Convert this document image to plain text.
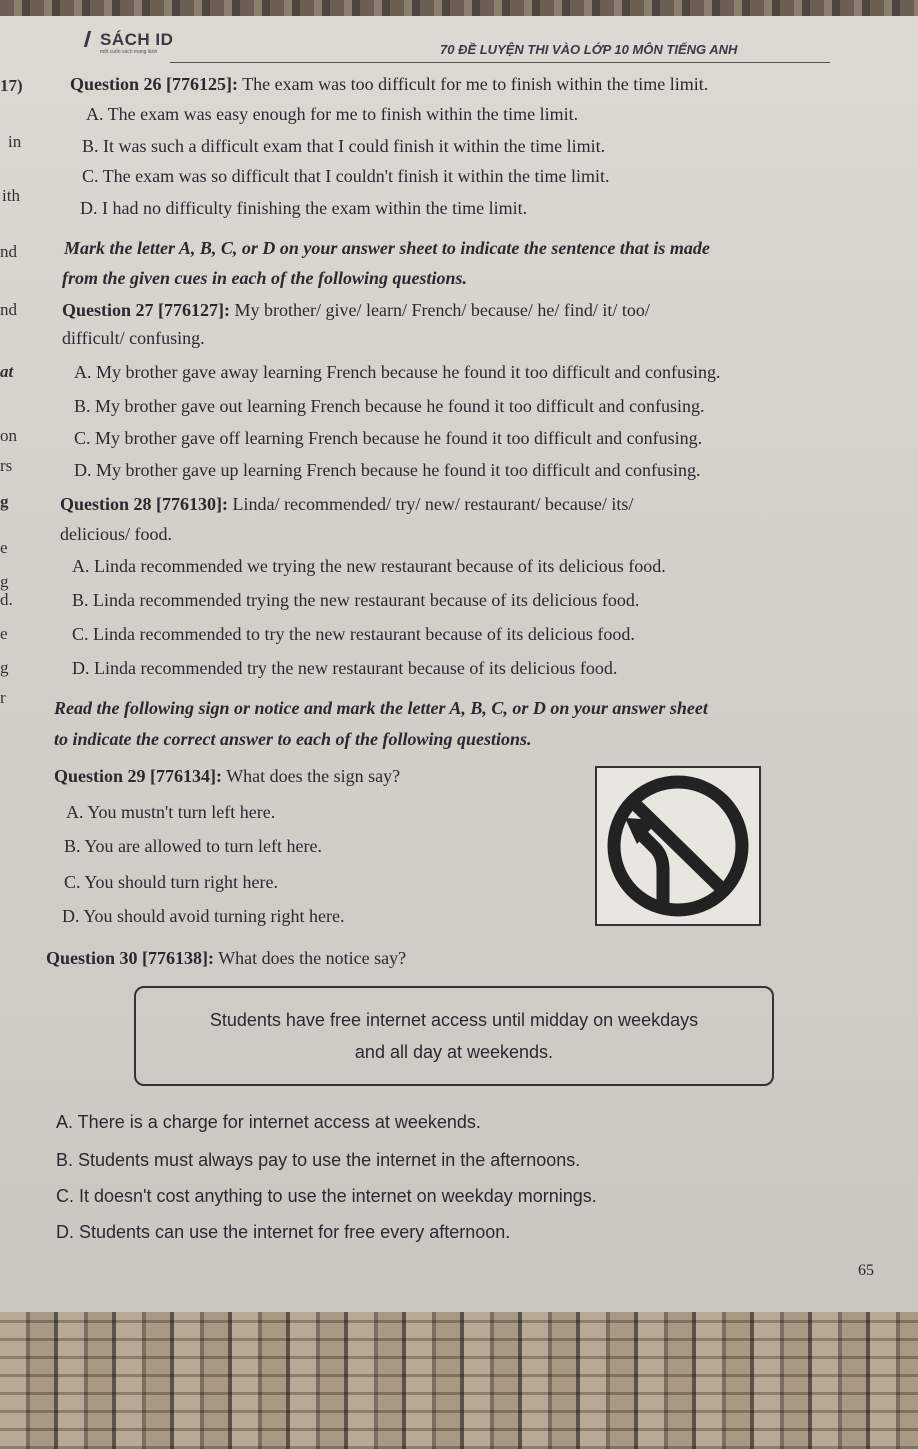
SÁCH ID
một cuốn sách mang lành	70 ĐỀ LUYỆN THI VÀO LỚP 10 MÔN TIẾNG ANH
17)
in
ith
nd
nd
at
on
rs
g
e
g
d.
e
g
r
Question 26 [776125]: The exam was too difficult for me to finish within the time limit.
A. The exam was easy enough for me to finish within the time limit.
B. It was such a difficult exam that I could finish it within the time limit.
C. The exam was so difficult that I couldn't finish it within the time limit.
D. I had no difficulty finishing the exam within the time limit.
Mark the letter A, B, C, or D on your answer sheet to indicate the sentence that is made
from the given cues in each of the following questions.
Question 27 [776127]: My brother/ give/ learn/ French/ because/ he/ find/ it/ too/
difficult/ confusing.
A. My brother gave away learning French because he found it too difficult and confusing.
B. My brother gave out learning French because he found it too difficult and confusing.
C. My brother gave off learning French because he found it too difficult and confusing.
D. My brother gave up learning French because he found it too difficult and confusing.
Question 28 [776130]: Linda/ recommended/ try/ new/ restaurant/ because/ its/
delicious/ food.
A. Linda recommended we trying the new restaurant because of its delicious food.
B. Linda recommended trying the new restaurant because of its delicious food.
C. Linda recommended to try the new restaurant because of its delicious food.
D. Linda recommended try the new restaurant because of its delicious food.
Read the following sign or notice and mark the letter A, B, C, or D on your answer sheet
to indicate the correct answer to each of the following questions.
Question 29 [776134]: What does the sign say?
A. You mustn't turn left here.
B. You are allowed to turn left here.
C. You should turn right here.
D. You should avoid turning right here.
Question 30 [776138]: What does the notice say?
Students have free internet access until midday on weekdays
and all day at weekends.
A. There is a charge for internet access at weekends.
B. Students must always pay to use the internet in the afternoons.
C. It doesn't cost anything to use the internet on weekday mornings.
D. Students can use the internet for free every afternoon.
65
